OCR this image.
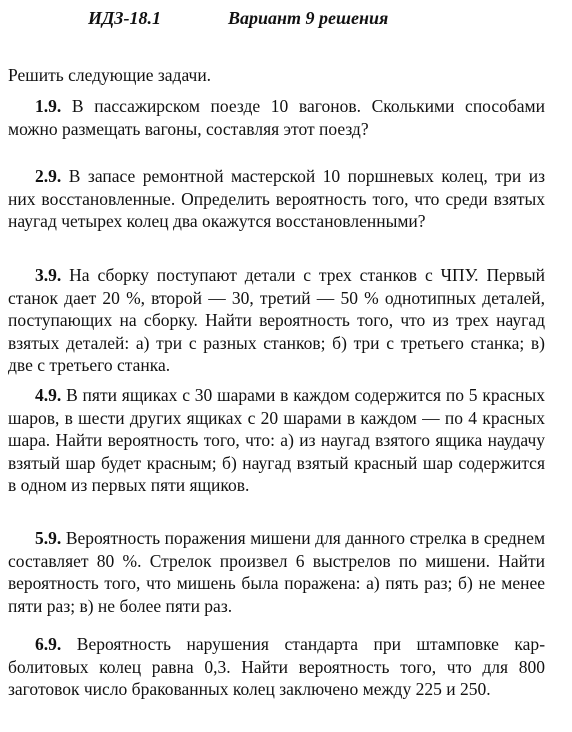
ИДЗ-18.1	Вариант 9 решения
Решить следующие задачи.
1.9. В пассажирском поезде 10 вагонов. Сколькими способами можно размещать вагоны, составляя этот поезд?
2.9. В запасе ремонтной мастерской 10 поршневых колец, три из них восстановленные. Определить вероятность того, что среди взятых наугад четырех колец два окажутся восстановленными?
3.9. На сборку поступают детали с трех станков с ЧПУ. Первый станок дает 20 %, второй — 30, третий — 50 % однотипных деталей, поступающих на сборку. Найти вероятность того, что из трех наугад взятых деталей: а) три с разных станков; б) три с третьего станка; в) две с третьего станка.
4.9. В пяти ящиках с 30 шарами в каждом содержится по 5 красных шаров, в шести других ящиках с 20 шарами в каждом — по 4 красных шара. Найти вероятность того, что: а) из наугад взятого ящика наудачу взятый шар будет красным; б) наугад взятый красный шар содержится в одном из первых пяти ящиков.
5.9. Вероятность поражения мишени для данного стрелка в среднем составляет 80 %. Стрелок произвел 6 выстрелов по мишени. Найти вероятность того, что мишень была поражена: а) пять раз; б) не менее пяти раз; в) не более пяти раз.
6.9. Вероятность нарушения стандарта при штамповке карболитовых колец равна 0,3. Найти вероятность того, что для 800 заготовок число бракованных колец заключено между 225 и 250.
